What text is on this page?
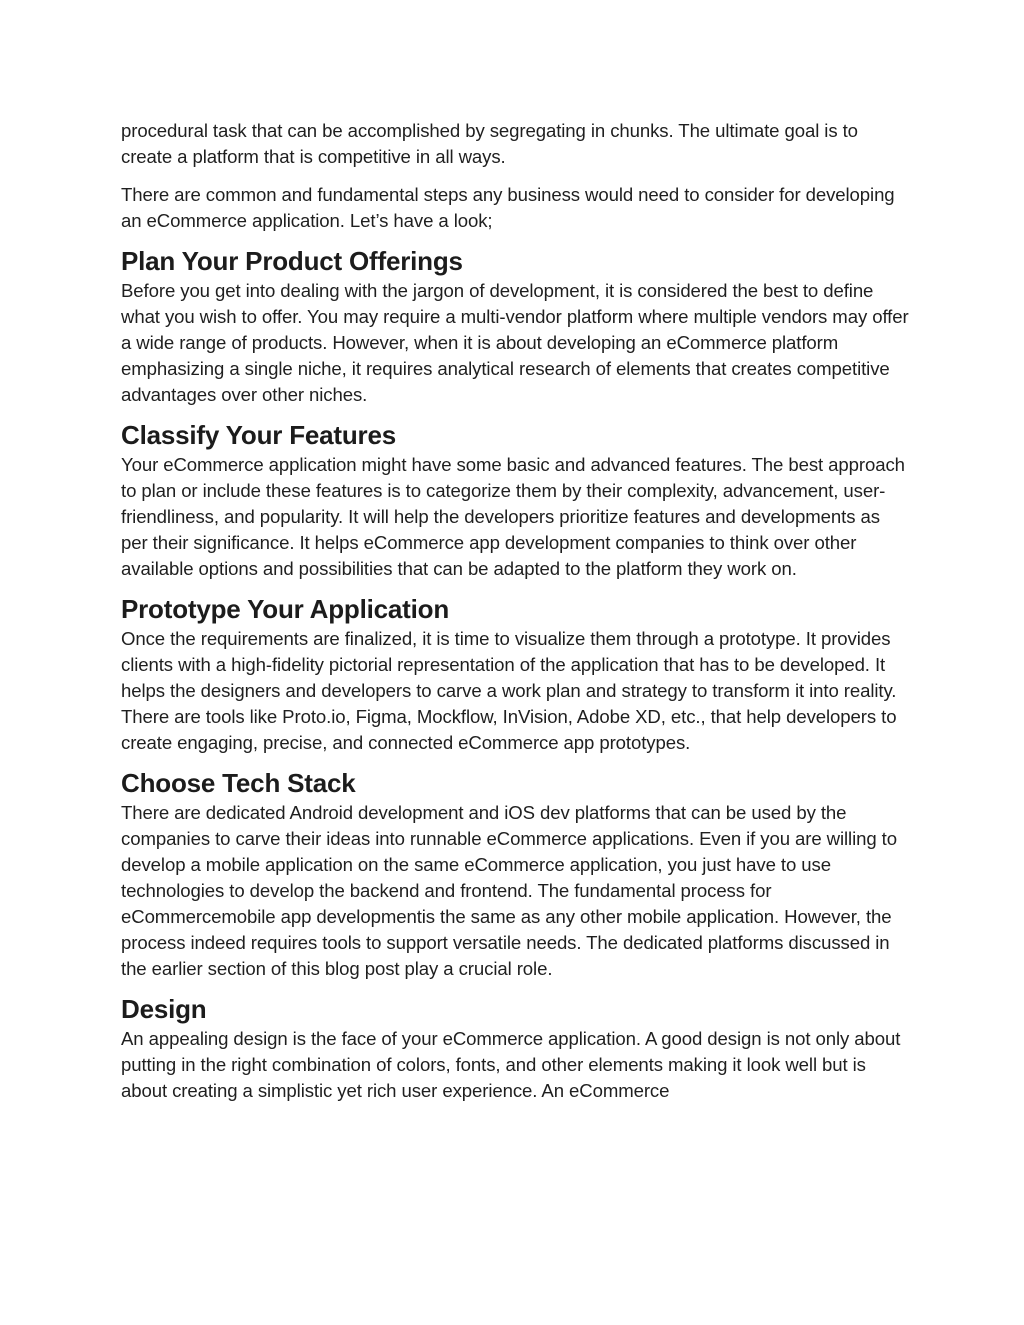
procedural task that can be accomplished by segregating in chunks. The ultimate goal is to create a platform that is competitive in all ways.

There are common and fundamental steps any business would need to consider for developing an eCommerce application. Let’s have a look;

Plan Your Product Offerings

Before you get into dealing with the jargon of development, it is considered the best to define what you wish to offer. You may require a multi-vendor platform where multiple vendors may offer a wide range of products. However, when it is about developing an eCommerce platform emphasizing a single niche, it requires analytical research of elements that creates competitive advantages over other niches.

Classify Your Features

Your eCommerce application might have some basic and advanced features. The best approach to plan or include these features is to categorize them by their complexity, advancement, user-friendliness, and popularity. It will help the developers prioritize features and developments as per their significance. It helps eCommerce app development companies to think over other available options and possibilities that can be adapted to the platform they work on.

Prototype Your Application

Once the requirements are finalized, it is time to visualize them through a prototype. It provides clients with a high-fidelity pictorial representation of the application that has to be developed. It helps the designers and developers to carve a work plan and strategy to transform it into reality. There are tools like Proto.io, Figma, Mockflow, InVision, Adobe XD, etc., that help developers to create engaging, precise, and connected eCommerce app prototypes.

Choose Tech Stack

There are dedicated Android development and iOS dev platforms that can be used by the companies to carve their ideas into runnable eCommerce applications. Even if you are willing to develop a mobile application on the same eCommerce application, you just have to use technologies to develop the backend and frontend. The fundamental process for eCommercemobile app developmentis the same as any other mobile application. However, the process indeed requires tools to support versatile needs. The dedicated platforms discussed in the earlier section of this blog post play a crucial role.

Design

An appealing design is the face of your eCommerce application. A good design is not only about putting in the right combination of colors, fonts, and other elements making it look well but is about creating a simplistic yet rich user experience. An eCommerce
